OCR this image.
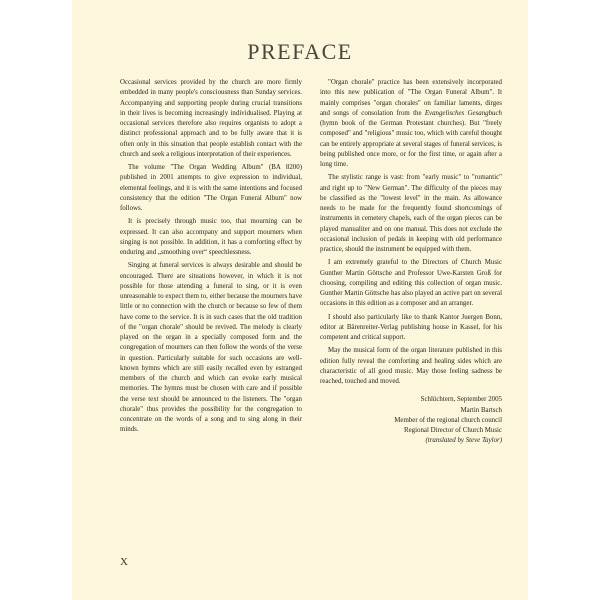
PREFACE

Occasional services provided by the church are more firmly embedded in many people's consciousness than Sunday services. Accompanying and supporting people during crucial transitions in their lives is becoming increasingly individualised. Playing at occasional services therefore also requires organists to adopt a distinct professional approach and to be fully aware that it is often only in this situation that people establish contact with the church and seek a religious interpretation of their experiences.

The volume "The Organ Wedding Album" (BA 8200) published in 2001 attempts to give expression to individual, elemental feelings, and it is with the same intentions and focused consistency that the edition "The Organ Funeral Album" now follows.

It is precisely through music too, that mourning can be expressed. It can also accompany and support mourners when singing is not possible. In addition, it has a comforting effect by enduring and „smoothing over“ speechlessness.

Singing at funeral services is always desirable and should be encouraged. There are situations however, in which it is not possible for those attending a funeral to sing, or it is even unreasonable to expect them to, either because the mourners have little or no connection with the church or because so few of them have come to the service. It is in such cases that the old tradition of the "organ chorale" should be revived. The melody is clearly played on the organ in a specially composed form and the congregation of mourners can then follow the words of the verse in question. Particularly suitable for such occasions are well-known hymns which are still easily recalled even by estranged members of the church and which can evoke early musical memories. The hymns must be chosen with care and if possible the verse text should be announced to the listeners. The "organ chorale" thus provides the possibility for the congregation to concentrate on the words of a song and to sing along in their minds.

"Organ chorale" practice has been extensively incorporated into this new publication of "The Organ Funeral Album". It mainly comprises "organ chorales" on familiar laments, dirges and songs of consolation from the Evangelisches Gesangbuch (hymn book of the German Protestant churches). But "freely composed" and "religious" music too, which with careful thought can be entirely appropriate at several stages of funeral services, is being published once more, or for the first time, or again after a long time.

The stylistic range is vast: from "early music" to "romantic" and right up to "New German". The difficulty of the pieces may be classified as the "lowest level" in the main. As allowance needs to be made for the frequently found shortcomings of instruments in cemetery chapels, each of the organ pieces can be played manualiter and on one manual. This does not exclude the occasional inclusion of pedals in keeping with old performance practice, should the instrument be equipped with them.

I am extremely grateful to the Directors of Church Music Gunther Martin Göttsche and Professor Uwe-Karsten Groß for choosing, compiling and editing this collection of organ music. Gunther Martin Göttsche has also played an active part on several occasions in this edition as a composer and an arranger.

I should also particularly like to thank Kantor Juergen Bonn, editor at Bärenreiter-Verlag publishing house in Kassel, for his competent and critical support.

May the musical form of the organ literature published in this edition fully reveal the comforting and healing sides which are characteristic of all good music. May those feeling sadness be reached, touched and moved.

Schlüchtern, September 2005
Martin Bartsch
Member of the regional church council
Regional Director of Church Music
(translated by Steve Taylor)
X
